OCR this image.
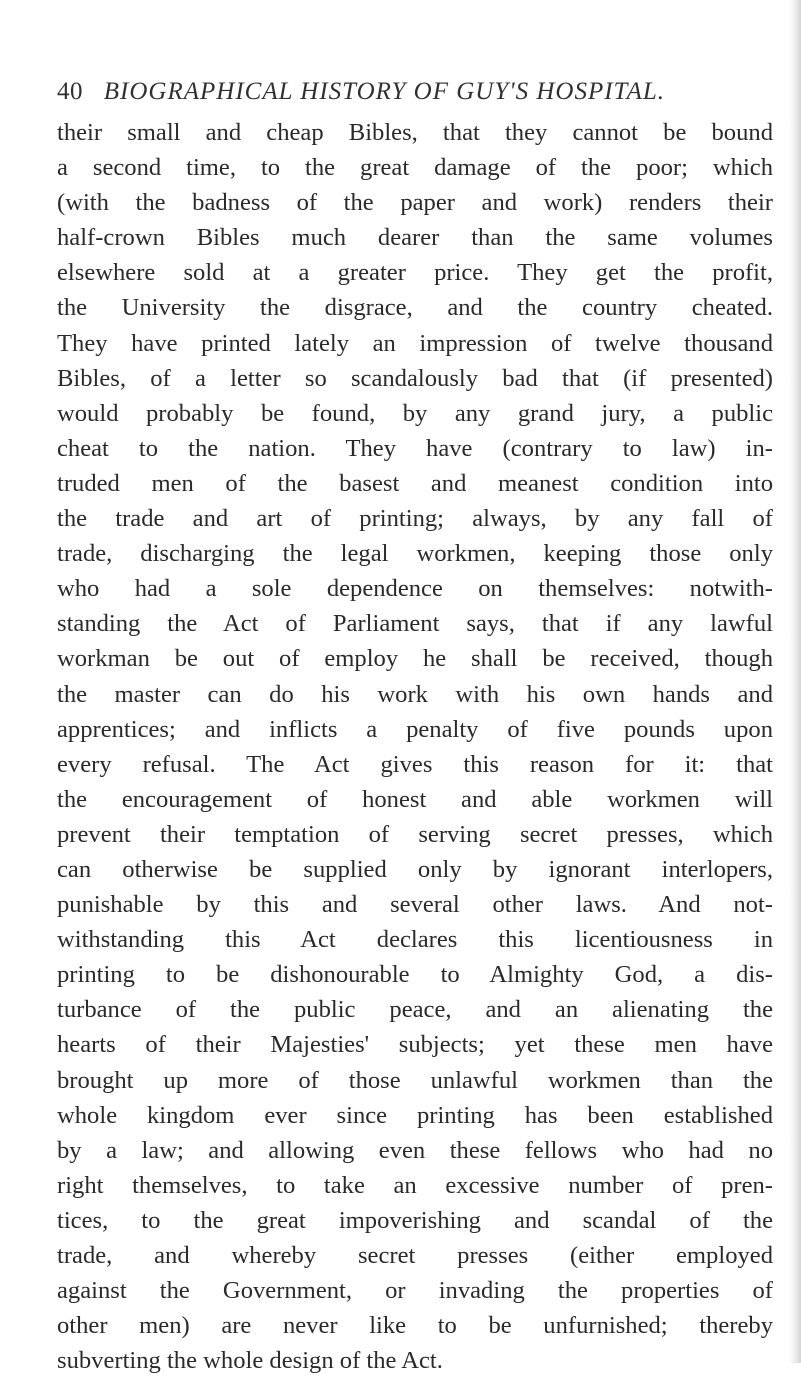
40 BIOGRAPHICAL HISTORY OF GUY'S HOSPITAL.
their small and cheap Bibles, that they cannot be bound
a second time, to the great damage of the poor; which
(with the badness of the paper and work) renders their
half-crown Bibles much dearer than the same volumes
elsewhere sold at a greater price. They get the profit,
the University the disgrace, and the country cheated.
They have printed lately an impression of twelve thousand
Bibles, of a letter so scandalously bad that (if presented)
would probably be found, by any grand jury, a public
cheat to the nation. They have (contrary to law) in-
truded men of the basest and meanest condition into
the trade and art of printing; always, by any fall of
trade, discharging the legal workmen, keeping those only
who had a sole dependence on themselves: notwith-
standing the Act of Parliament says, that if any lawful
workman be out of employ he shall be received, though
the master can do his work with his own hands and
apprentices; and inflicts a penalty of five pounds upon
every refusal. The Act gives this reason for it: that
the encouragement of honest and able workmen will
prevent their temptation of serving secret presses, which
can otherwise be supplied only by ignorant interlopers,
punishable by this and several other laws. And not-
withstanding this Act declares this licentiousness in
printing to be dishonourable to Almighty God, a dis-
turbance of the public peace, and an alienating the
hearts of their Majesties' subjects; yet these men have
brought up more of those unlawful workmen than the
whole kingdom ever since printing has been established
by a law; and allowing even these fellows who had no
right themselves, to take an excessive number of pren-
tices, to the great impoverishing and scandal of the
trade, and whereby secret presses (either employed
against the Government, or invading the properties of
other men) are never like to be unfurnished; thereby
subverting the whole design of the Act.
